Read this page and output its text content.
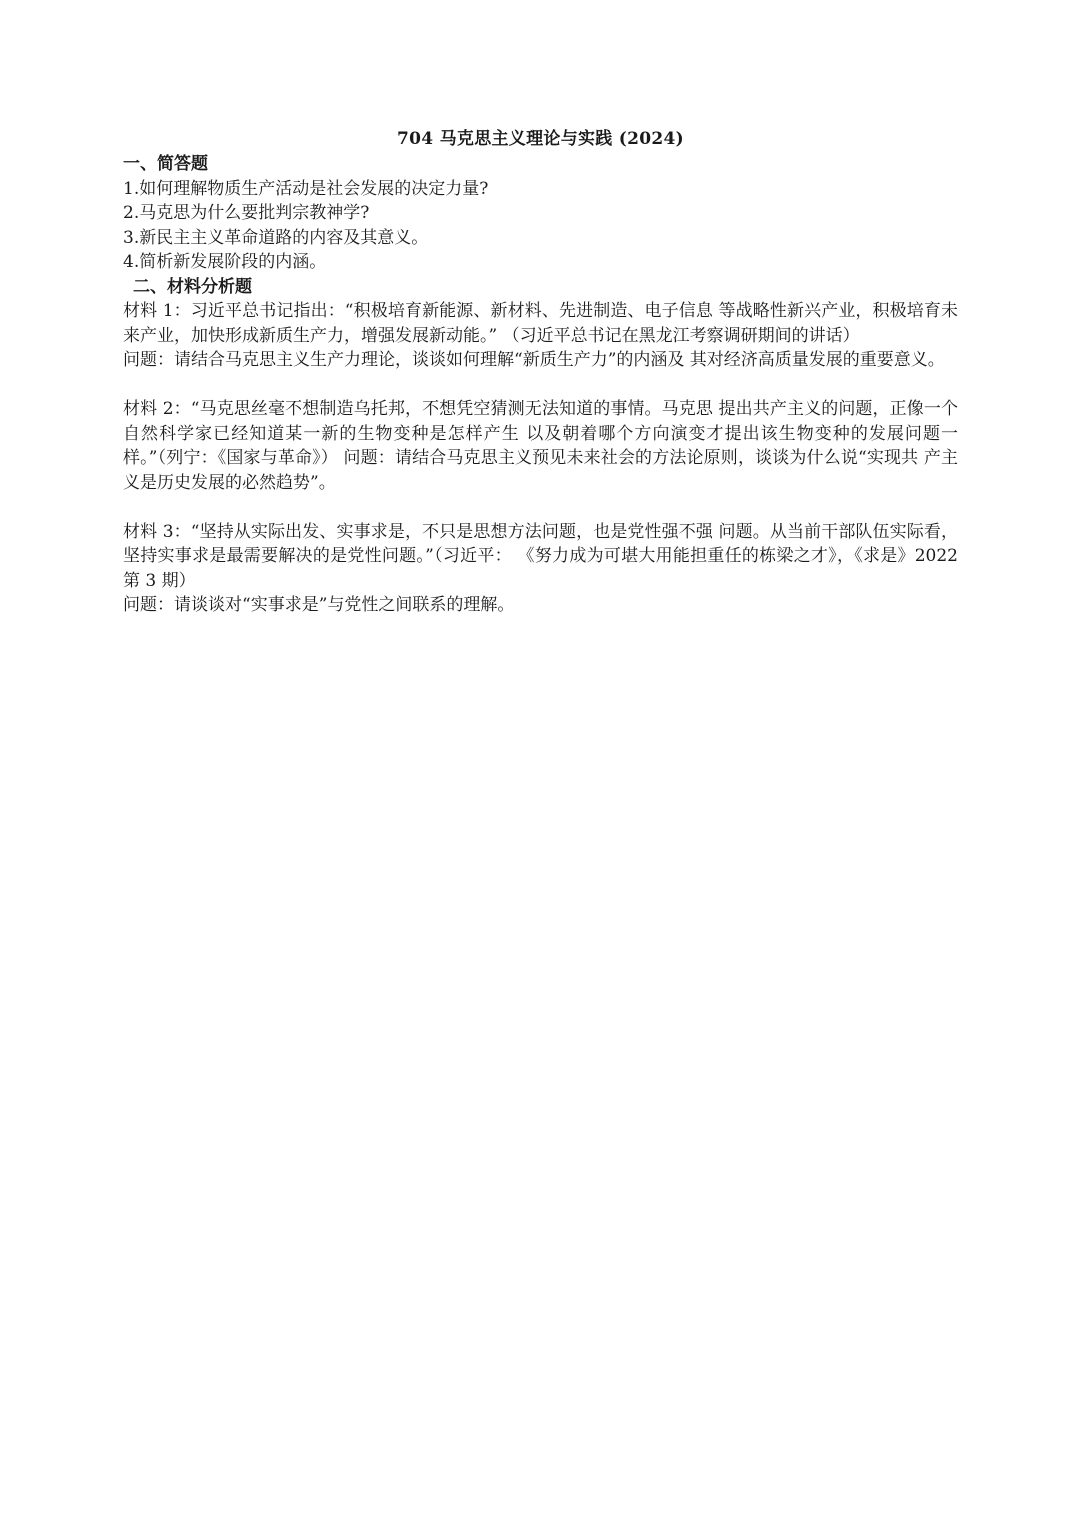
704 马克思主义理论与实践 (2024)

一、简答题

1.如何理解物质生产活动是社会发展的决定力量?

2.马克思为什么要批判宗教神学?

3.新民主主义革命道路的内容及其意义。

4.简析新发展阶段的内涵。

二、材料分析题

材料 1：习近平总书记指出：“积极培育新能源、新材料、先进制造、电子信息 等战略性新兴产业，积极培育未来产业，加快形成新质生产力，增强发展新动能。” （习近平总书记在黑龙江考察调研期间的讲话）

问题：请结合马克思主义生产力理论，谈谈如何理解“新质生产力”的内涵及 其对经济高质量发展的重要意义。

材料 2：“马克思丝毫不想制造乌托邦，不想凭空猜测无法知道的事情。马克思 提出共产主义的问题，正像一个自然科学家已经知道某一新的生物变种是怎样产生 以及朝着哪个方向演变才提出该生物变种的发展问题一样。”（列宁：《国家与革命》） 问题：请结合马克思主义预见未来社会的方法论原则，谈谈为什么说“实现共 产主义是历史发展的必然趋势”。

材料 3：“坚持从实际出发、实事求是，不只是思想方法问题，也是党性强不强 问题。从当前干部队伍实际看，坚持实事求是最需要解决的是党性问题。”（习近平： 《努力成为可堪大用能担重任的栋梁之才》，《求是》2022 第 3 期）

问题：请谈谈对“实事求是”与党性之间联系的理解。
